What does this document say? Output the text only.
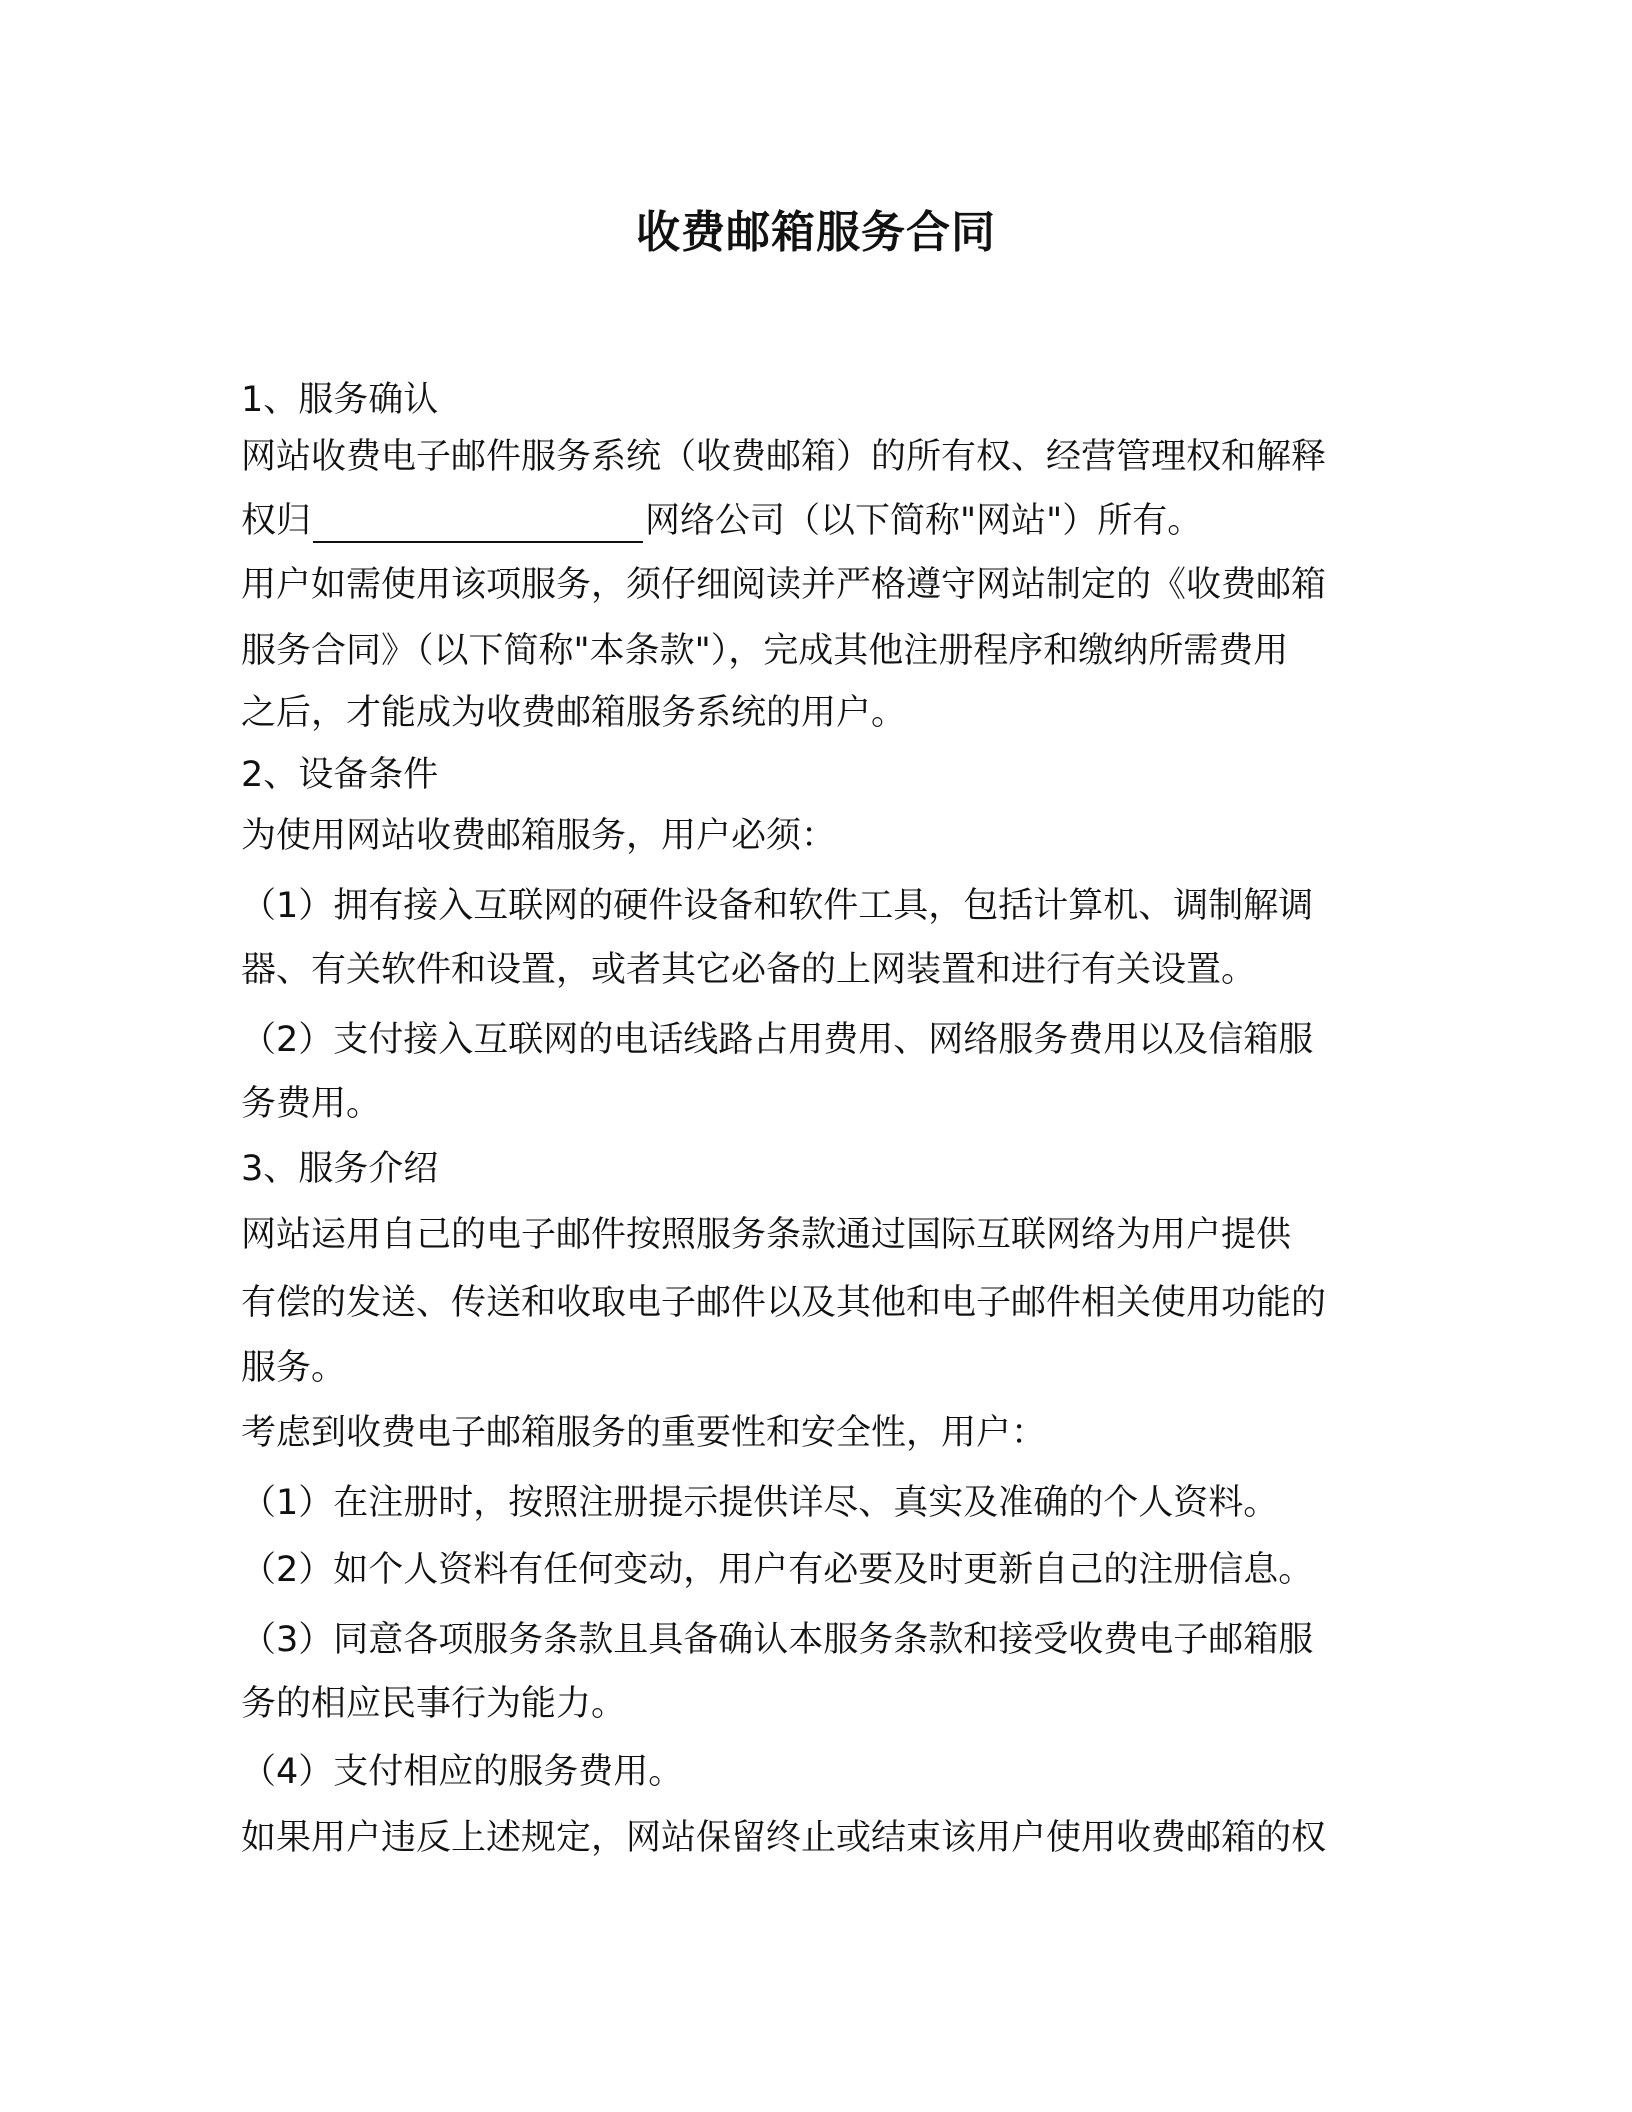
收费邮箱服务合同

1、服务确认

网站收费电子邮件服务系统（收费邮箱）的所有权、经营管理权和解释

权归	网络公司（以下简称"网站"）所有。

用户如需使用该项服务，须仔细阅读并严格遵守网站制定的《收费邮箱

服务合同》（以下简称"本条款"），完成其他注册程序和缴纳所需费用

之后，才能成为收费邮箱服务系统的用户。

2、设备条件

为使用网站收费邮箱服务，用户必须：

（1）拥有接入互联网的硬件设备和软件工具，包括计算机、调制解调

器、有关软件和设置，或者其它必备的上网装置和进行有关设置。

（2）支付接入互联网的电话线路占用费用、网络服务费用以及信箱服

务费用。

3、服务介绍

网站运用自己的电子邮件按照服务条款通过国际互联网络为用户提供

有偿的发送、传送和收取电子邮件以及其他和电子邮件相关使用功能的

服务。

考虑到收费电子邮箱服务的重要性和安全性，用户：

（1）在注册时，按照注册提示提供详尽、真实及准确的个人资料。

（2）如个人资料有任何变动，用户有必要及时更新自己的注册信息。

（3）同意各项服务条款且具备确认本服务条款和接受收费电子邮箱服

务的相应民事行为能力。

（4）支付相应的服务费用。

如果用户违反上述规定，网站保留终止或结束该用户使用收费邮箱的权
